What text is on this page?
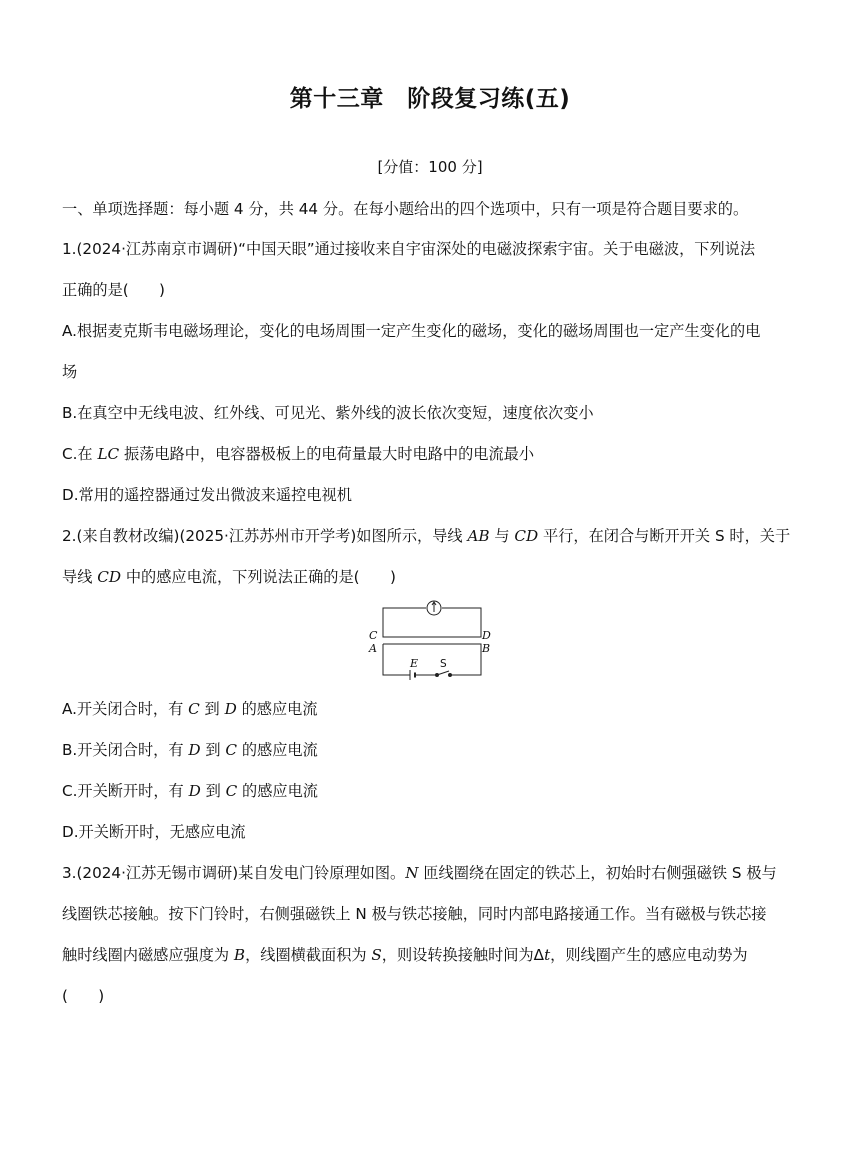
第十三章　阶段复习练(五)
[分值：100 分]
一、单项选择题：每小题 4 分，共 44 分。在每小题给出的四个选项中，只有一项是符合题目要求的。
1.(2024·江苏南京市调研)“中国天眼”通过接收来自宇宙深处的电磁波探索宇宙。关于电磁波，下列说法
正确的是(　　)
A.根据麦克斯韦电磁场理论，变化的电场周围一定产生变化的磁场，变化的磁场周围也一定产生变化的电
场
B.在真空中无线电波、红外线、可见光、紫外线的波长依次变短，速度依次变小
C.在 LC 振荡电路中，电容器极板上的电荷量最大时电路中的电流最小
D.常用的遥控器通过发出微波来遥控电视机
2.(来自教材改编)(2025·江苏苏州市开学考)如图所示，导线 AB 与 CD 平行，在闭合与断开开关 S 时，关于
导线 CD 中的感应电流，下列说法正确的是(　　)
C	D
A	B
E S
A.开关闭合时，有 C 到 D 的感应电流
B.开关闭合时，有 D 到 C 的感应电流
C.开关断开时，有 D 到 C 的感应电流
D.开关断开时，无感应电流
3.(2024·江苏无锡市调研)某自发电门铃原理如图。N 匝线圈绕在固定的铁芯上，初始时右侧强磁铁 S 极与
线圈铁芯接触。按下门铃时，右侧强磁铁上 N 极与铁芯接触，同时内部电路接通工作。当有磁极与铁芯接
触时线圈内磁感应强度为 B，线圈横截面积为 S，则设转换接触时间为Δt，则线圈产生的感应电动势为
(　　)
